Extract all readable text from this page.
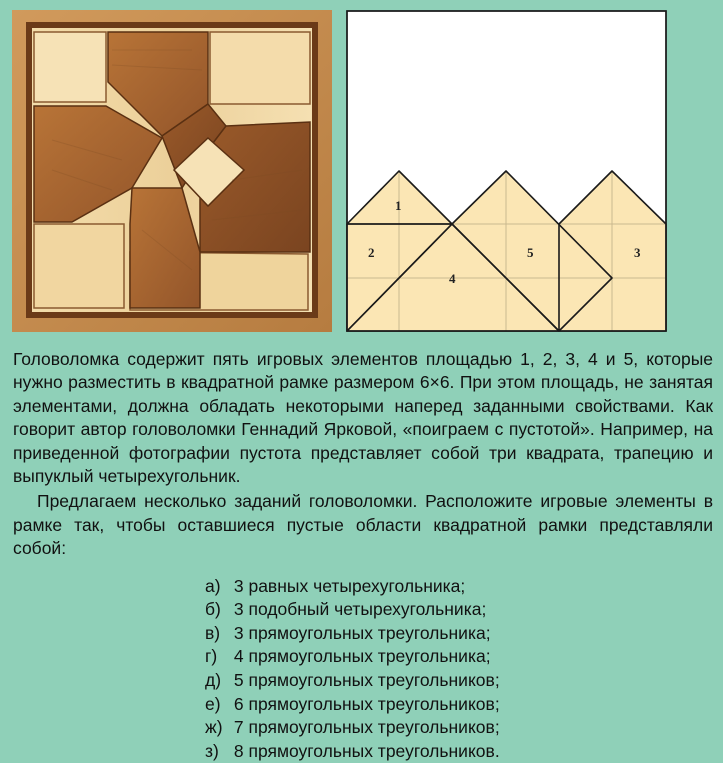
1
2	3
4
5

Головоломка содержит пять игровых элементов площадью 1, 2, 3, 4 и 5, которые нужно разместить в квадратной рамке размером 6×6. При этом площадь, не занятая элементами, должна обладать некоторыми наперед заданными свойствами. Как говорит автор головоломки Геннадий Ярковой, «поиграем с пустотой». Например, на приведенной фотографии пустота представляет собой три квадрата, трапецию и выпуклый четырехугольник.

Предлагаем несколько заданий головоломки. Расположите игровые элементы в рамке так, чтобы оставшиеся пустые области квадратной рамки представляли собой:

а) 3 равных четырехугольника;
б) 3 подобный четырехугольника;
в) 3 прямоугольных треугольника;
г) 4 прямоугольных треугольника;
д) 5 прямоугольных треугольников;
е) 6 прямоугольных треугольников;
ж) 7 прямоугольных треугольников;
з) 8 прямоугольных треугольников.
